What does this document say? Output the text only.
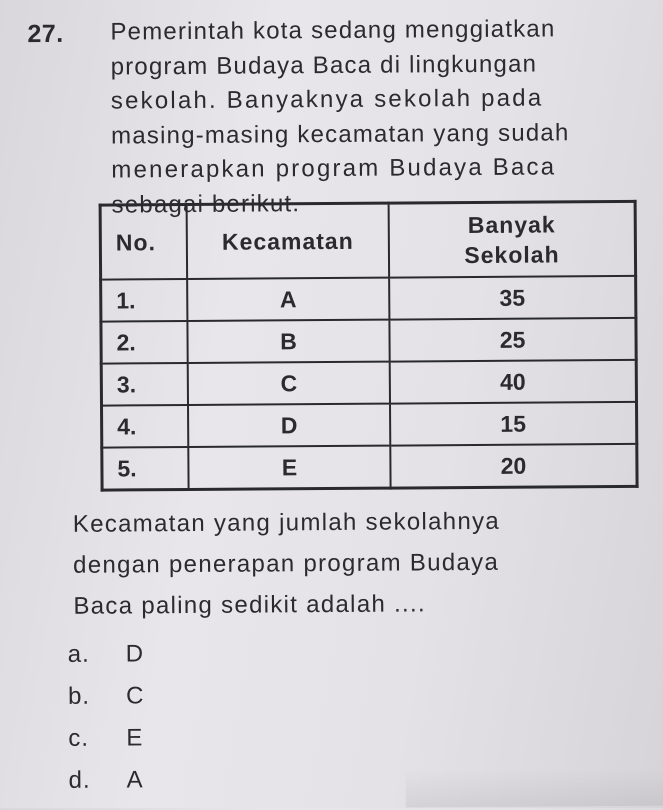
27. Pemerintah kota sedang menggiatkan
program Budaya Baca di lingkungan
sekolah. Banyaknya sekolah pada
masing-masing kecamatan yang sudah
menerapkan program Budaya Baca
sebagai berikut.
No.	Kecamatan	Banyak
Sekolah

1.	A	35
2.	B	25
3.	C	40
4.	D	15
5.	E	20
Kecamatan yang jumlah sekolahnya
dengan penerapan program Budaya
Baca paling sedikit adalah ....
a.	D
b.	C
c.	E
d.	A
